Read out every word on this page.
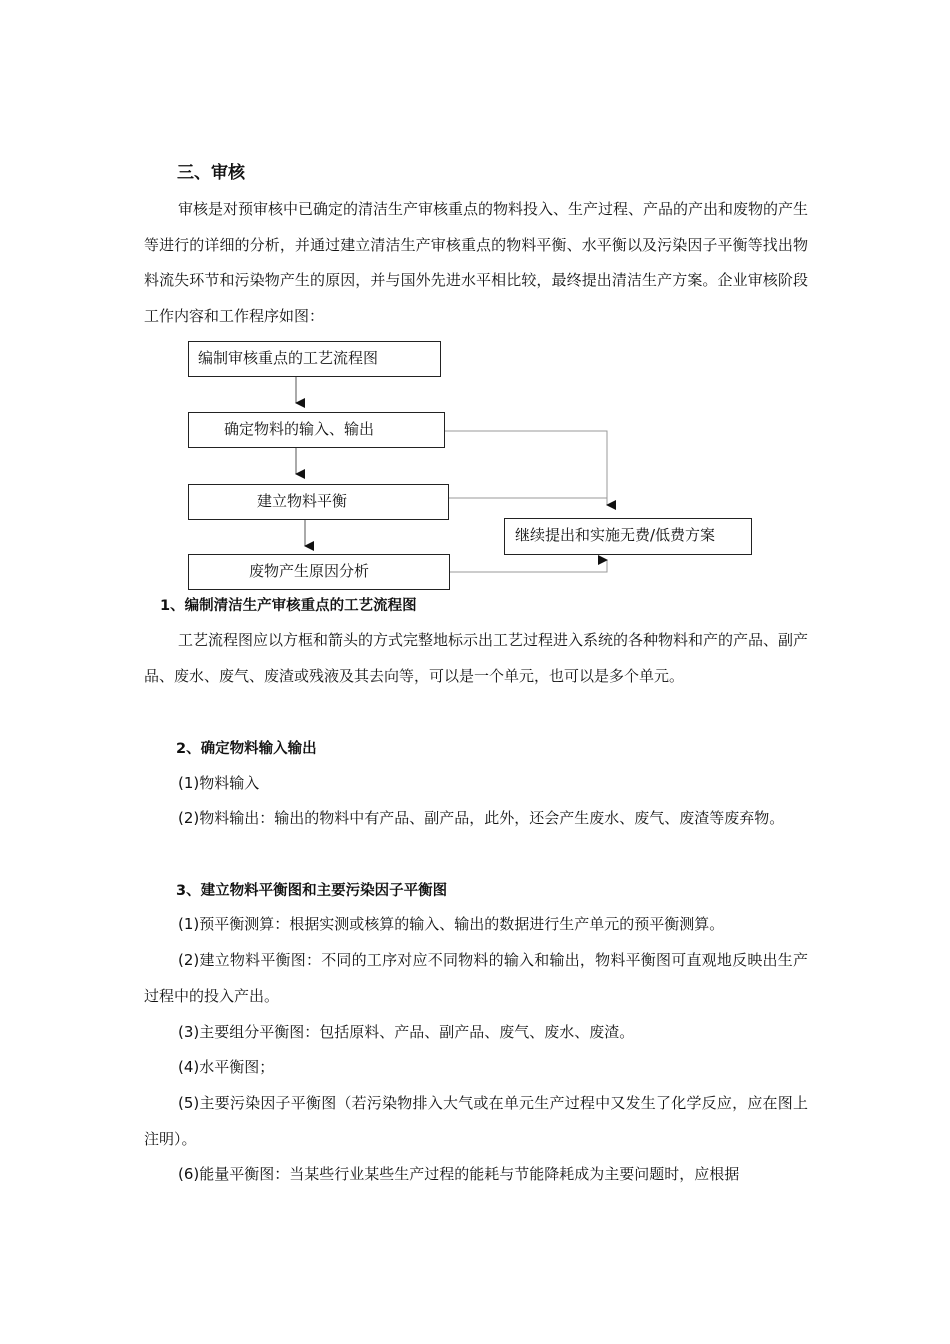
三、审核

审核是对预审核中已确定的清洁生产审核重点的物料投入、生产过程、产品的产出和废物的产生等进行的详细的分析，并通过建立清洁生产审核重点的物料平衡、水平衡以及污染因子平衡等找出物料流失环节和污染物产生的原因，并与国外先进水平相比较，最终提出清洁生产方案。企业审核阶段工作内容和工作程序如图：

编制审核重点的工艺流程图
确定物料的输入、输出
建立物料平衡
废物产生原因分析
继续提出和实施无费/低费方案
1、编制清洁生产审核重点的工艺流程图

工艺流程图应以方框和箭头的方式完整地标示出工艺过程进入系统的各种物料和产的产品、副产品、废水、废气、废渣或残液及其去向等，可以是一个单元，也可以是多个单元。

2、确定物料输入输出

(1)物料输入

(2)物料输出：输出的物料中有产品、副产品，此外，还会产生废水、废气、废渣等废弃物。

3、建立物料平衡图和主要污染因子平衡图

(1)预平衡测算：根据实测或核算的输入、输出的数据进行生产单元的预平衡测算。

(2)建立物料平衡图：不同的工序对应不同物料的输入和输出，物料平衡图可直观地反映出生产过程中的投入产出。

(3)主要组分平衡图：包括原料、产品、副产品、废气、废水、废渣。

(4)水平衡图；

(5)主要污染因子平衡图（若污染物排入大气或在单元生产过程中又发生了化学反应，应在图上注明）。

(6)能量平衡图：当某些行业某些生产过程的能耗与节能降耗成为主要问题时，应根据
